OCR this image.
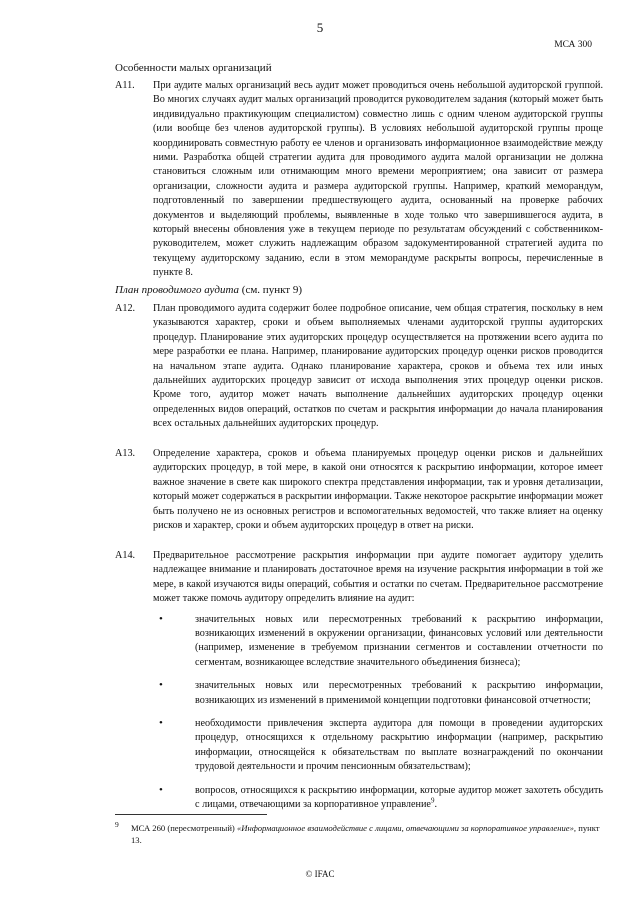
5
МСА 300
Особенности малых организаций
A11. При аудите малых организаций весь аудит может проводиться очень небольшой аудиторской группой. Во многих случаях аудит малых организаций проводится руководителем задания (который может быть индивидуально практикующим специалистом) совместно лишь с одним членом аудиторской группы (или вообще без членов аудиторской группы). В условиях небольшой аудиторской группы проще координировать совместную работу ее членов и организовать информационное взаимодействие между ними. Разработка общей стратегии аудита для проводимого аудита малой организации не должна становиться сложным или отнимающим много времени мероприятием; она зависит от размера организации, сложности аудита и размера аудиторской группы. Например, краткий меморандум, подготовленный по завершении предшествующего аудита, основанный на проверке рабочих документов и выделяющий проблемы, выявленные в ходе только что завершившегося аудита, в который внесены обновления уже в текущем периоде по результатам обсуждений с собственником-руководителем, может служить надлежащим образом задокументированной стратегией аудита по текущему аудиторскому заданию, если в этом меморандуме раскрыты вопросы, перечисленные в пункте 8.

План проводимого аудита (см. пункт 9)
A12. План проводимого аудита содержит более подробное описание, чем общая стратегия, поскольку в нем указываются характер, сроки и объем выполняемых членами аудиторской группы аудиторских процедур. Планирование этих аудиторских процедур осуществляется на протяжении всего аудита по мере разработки ее плана. Например, планирование аудиторских процедур оценки рисков проводится на начальном этапе аудита. Однако планирование характера, сроков и объема тех или иных дальнейших аудиторских процедур зависит от исхода выполнения этих процедур оценки рисков. Кроме того, аудитор может начать выполнение дальнейших аудиторских процедур оценки определенных видов операций, остатков по счетам и раскрытия информации до начала планирования всех остальных дальнейших аудиторских процедур.

A13. Определение характера, сроков и объема планируемых процедур оценки рисков и дальнейших аудиторских процедур, в той мере, в какой они относятся к раскрытию информации, которое имеет важное значение в свете как широкого спектра представления информации, так и уровня детализации, который может содержаться в раскрытии информации. Также некоторое раскрытие информации может быть получено не из основных регистров и вспомогательных ведомостей, что также влияет на оценку рисков и характер, сроки и объем аудиторских процедур в ответ на риски.

A14. Предварительное рассмотрение раскрытия информации при аудите помогает аудитору уделить надлежащее внимание и планировать достаточное время на изучение раскрытия информации в той же мере, в какой изучаются виды операций, события и остатки по счетам. Предварительное рассмотрение может также помочь аудитору определить влияние на аудит:

•	значительных новых или пересмотренных требований к раскрытию информации, возникающих изменений в окружении организации, финансовых условий или деятельности (например, изменение в требуемом признании сегментов и составлении отчетности по сегментам, возникающее вследствие значительного объединения бизнеса);
•	значительных новых или пересмотренных требований к раскрытию информации, возникающих из изменений в применимой концепции подготовки финансовой отчетности;
•	необходимости привлечения эксперта аудитора для помощи в проведении аудиторских процедур, относящихся к отдельному раскрытию информации (например, раскрытию информации, относящейся к обязательствам по выплате вознаграждений по окончании трудовой деятельности и прочим пенсионным обязательствам);
•	вопросов, относящихся к раскрытию информации, которые аудитор может захотеть обсудить с лицами, отвечающими за корпоративное управление$^9$.
9 МСА 260 (пересмотренный) «Информационное взаимодействие с лицами, отвечающими за корпоративное управление», пункт 13.
© IFAC
